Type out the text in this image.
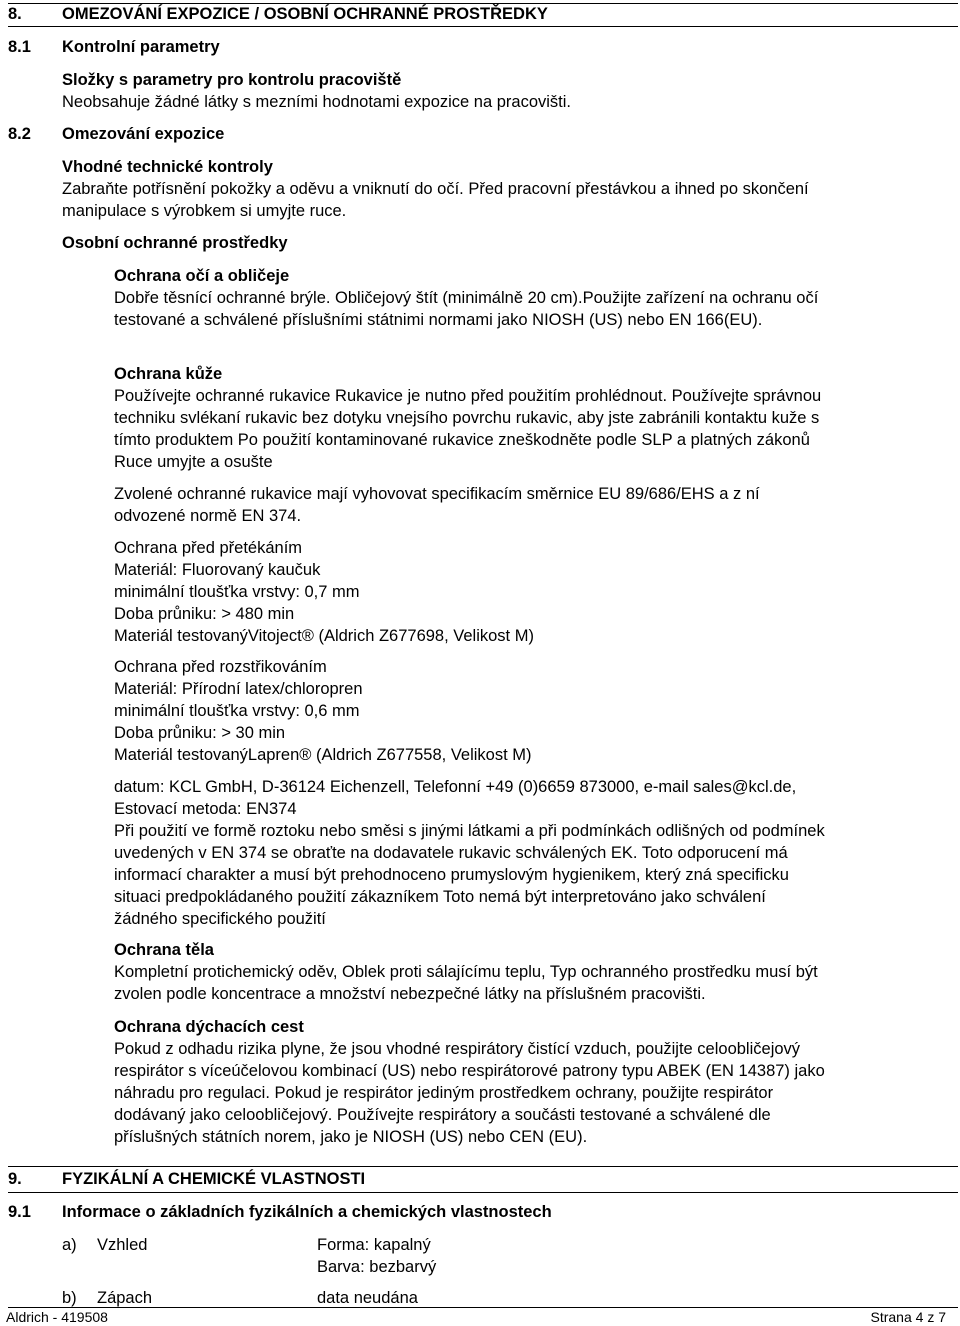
8. OMEZOVÁNÍ EXPOZICE / OSOBNÍ OCHRANNÉ PROSTŘEDKY
8.1 Kontrolní parametry
Složky s parametry pro kontrolu pracoviště
Neobsahuje žádné látky s mezními hodnotami expozice na pracovišti.
8.2 Omezování expozice
Vhodné technické kontroly
Zabraňte potřísnění pokožky a oděvu a vniknutí do očí. Před pracovní přestávkou a ihned po skončení
manipulace s výrobkem si umyjte ruce.
Osobní ochranné prostředky
Ochrana očí a obličeje
Dobře těsnící ochranné brýle. Obličejový štít (minimálně 20 cm).Použijte zařízení na ochranu očí
testované a schválené příslušními státnimi normami jako NIOSH (US) nebo EN 166(EU).
Ochrana kůže
Používejte ochranné rukavice Rukavice je nutno před použitím prohlédnout. Používejte správnou
techniku svlékaní rukavic bez dotyku vnejsího povrchu rukavic, aby jste zabránili kontaktu kuže s
tímto produktem Po použití kontaminované rukavice zneškodněte podle SLP a platných zákonů
Ruce umyjte a osušte
Zvolené ochranné rukavice mají vyhovovat specifikacím směrnice EU 89/686/EHS a z ní
odvozené normě EN 374.
Ochrana před přetékáním
Materiál: Fluorovaný kaučuk
minimální tloušťka vrstvy: 0,7 mm
Doba průniku: > 480 min
Materiál testovanýVitoject® (Aldrich Z677698, Velikost M)
Ochrana před rozstřikováním
Materiál: Přírodní latex/chloropren
minimální tloušťka vrstvy: 0,6 mm
Doba průniku: > 30 min
Materiál testovanýLapren® (Aldrich Z677558, Velikost M)
datum: KCL GmbH, D-36124 Eichenzell, Telefonní +49 (0)6659 873000, e-mail sales@kcl.de,
Estovací metoda: EN374
Při použití ve formě roztoku nebo směsi s jinými látkami a při podmínkách odlišných od podmínek
uvedených v EN 374 se obraťte na dodavatele rukavic schválených EK. Toto odporucení má
informací charakter a musí být prehodnoceno prumyslovým hygienikem, který zná specificku
situaci predpokládaného použití zákazníkem Toto nemá být interpretováno jako schválení
žádného specifického použití
Ochrana těla
Kompletní protichemický oděv, Oblek proti sálajícímu teplu, Typ ochranného prostředku musí být
zvolen podle koncentrace a množství nebezpečné látky na příslušném pracovišti.
Ochrana dýchacích cest
Pokud z odhadu rizika plyne, že jsou vhodné respirátory čistící vzduch, použijte celoobličejový
respirátor s víceúčelovou kombinací (US) nebo respirátorové patrony typu ABEK (EN 14387) jako
náhradu pro regulaci. Pokud je respirátor jediným prostředkem ochrany, použijte respirátor
dodávaný jako celoobličejový. Používejte respirátory a součásti testované a schválené dle
příslušných státních norem, jako je NIOSH (US) nebo CEN (EU).
9. FYZIKÁLNÍ A CHEMICKÉ VLASTNOSTI
9.1 Informace o základních fyzikálních a chemických vlastnostech
a) Vzhled	Forma: kapalný
Barva: bezbarvý
b) Zápach	data neudána
Aldrich - 419508	Strana 4 z 7
